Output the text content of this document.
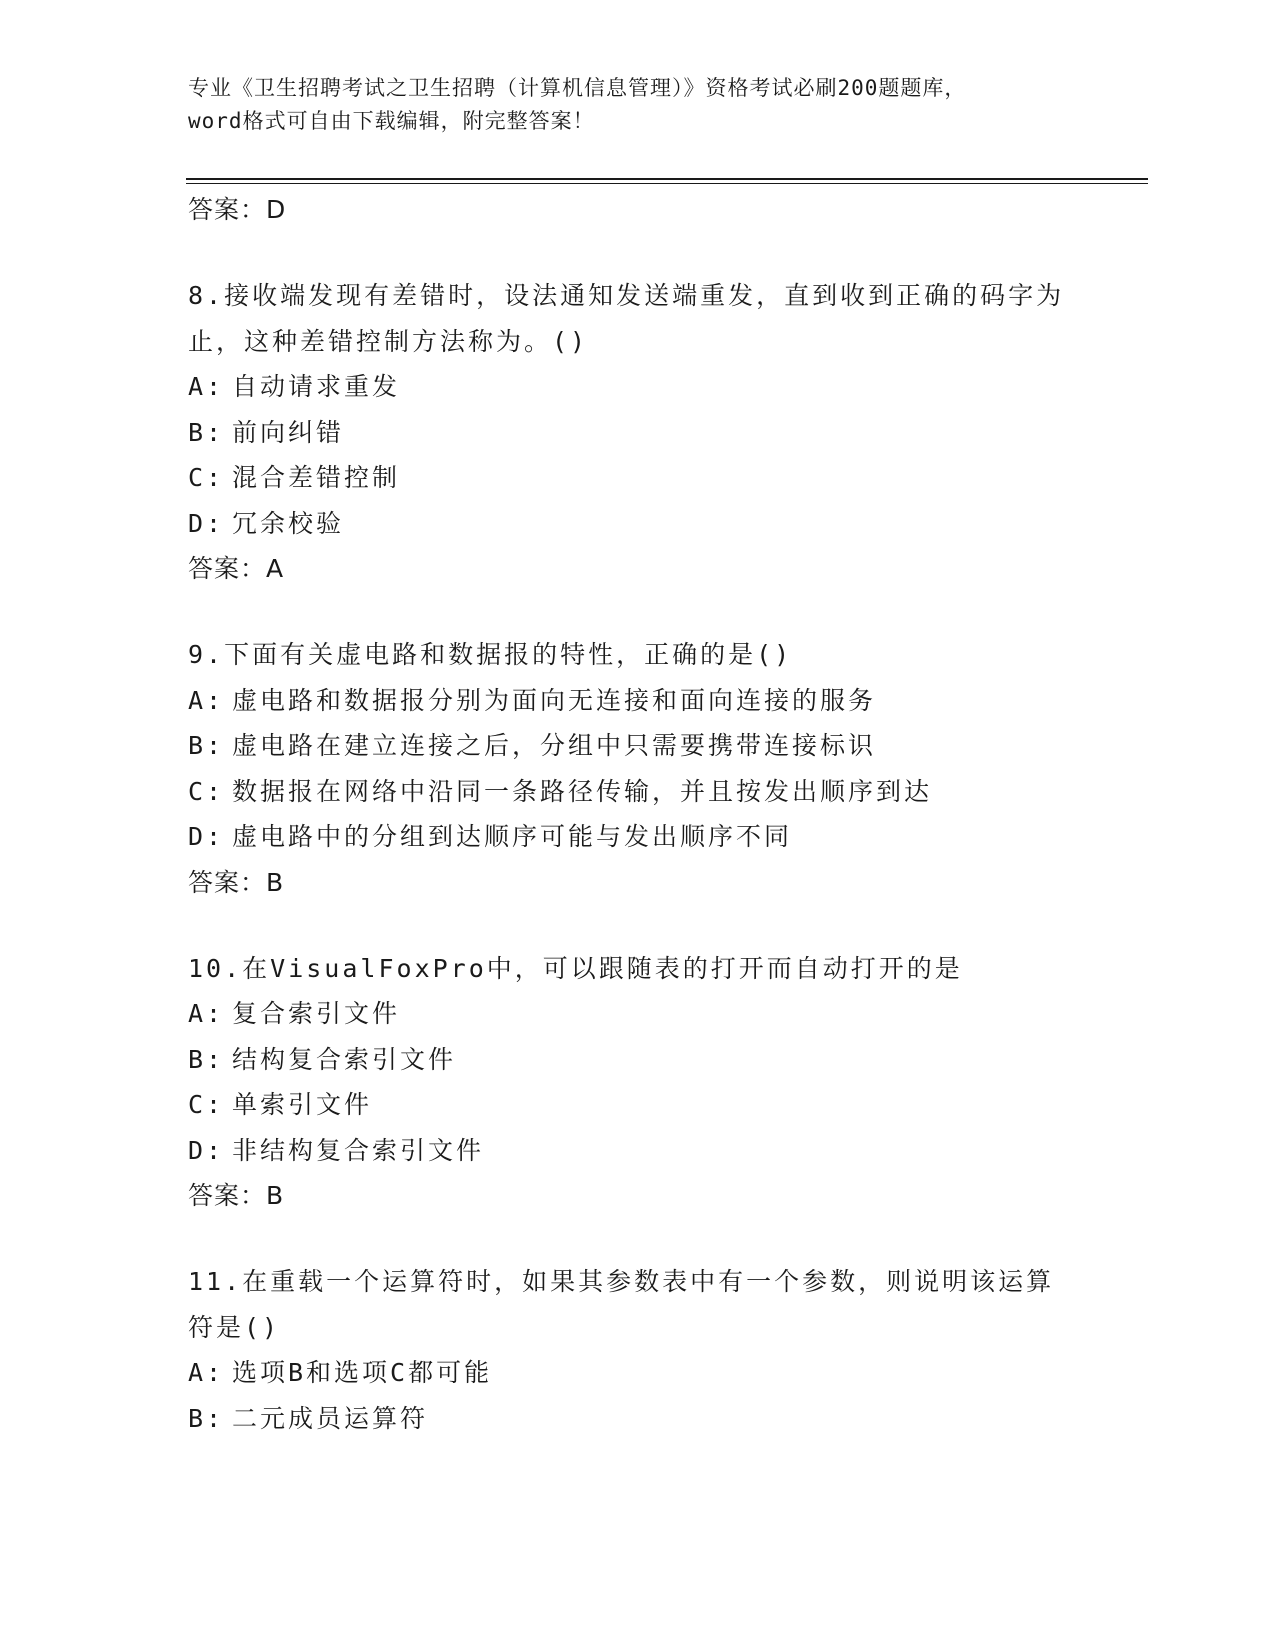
专业《卫生招聘考试之卫生招聘（计算机信息管理）》资格考试必刷200题题库，
word格式可自由下载编辑，附完整答案！
答案：D
8.接收端发现有差错时，设法通知发送端重发，直到收到正确的码字为止，这种差错控制方法称为。()
A: 自动请求重发
B: 前向纠错
C: 混合差错控制
D: 冗余校验
答案：A
9.下面有关虚电路和数据报的特性，正确的是()
A: 虚电路和数据报分别为面向无连接和面向连接的服务
B: 虚电路在建立连接之后，分组中只需要携带连接标识
C: 数据报在网络中沿同一条路径传输，并且按发出顺序到达
D: 虚电路中的分组到达顺序可能与发出顺序不同
答案：B
10.在VisualFoxPro中，可以跟随表的打开而自动打开的是
A: 复合索引文件
B: 结构复合索引文件
C: 单索引文件
D: 非结构复合索引文件
答案：B
11.在重载一个运算符时，如果其参数表中有一个参数，则说明该运算符是()
A: 选项B和选项C都可能
B: 二元成员运算符
